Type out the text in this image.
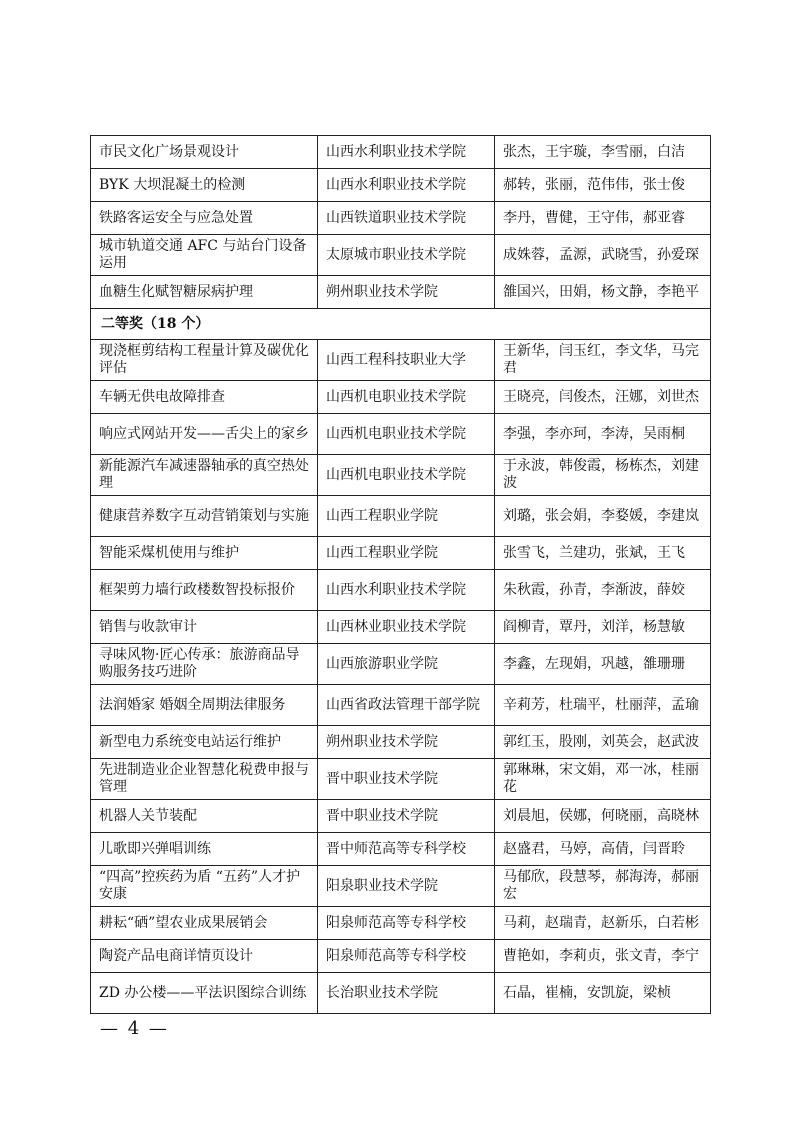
市民文化广场景观设计	山西水利职业技术学院	张杰，王宇璇，李雪丽，白洁
BYK 大坝混凝土的检测	山西水利职业技术学院	郝转，张丽，范伟伟，张士俊
铁路客运安全与应急处置	山西铁道职业技术学院	李丹，曹健，王守伟，郝亚睿
城市轨道交通 AFC 与站台门设备运用	太原城市职业技术学院	成姝蓉，孟源，武晓雪，孙爱琛
血糖生化赋智糖尿病护理	朔州职业技术学院	雒国兴，田娟，杨文静，李艳平
二等奖（18 个）		
现浇框剪结构工程量计算及碳优化评估	山西工程科技职业大学	王新华，闫玉红，李文华，马完君
车辆无供电故障排查	山西机电职业技术学院	王晓亮，闫俊杰，汪娜，刘世杰
响应式网站开发——舌尖上的家乡	山西机电职业技术学院	李强，李亦珂，李涛，吴雨桐
新能源汽车减速器轴承的真空热处理	山西机电职业技术学院	于永波，韩俊霞，杨栋杰，刘建波
健康营养数字互动营销策划与实施	山西工程职业学院	刘璐，张会娟，李婺媛，李建岚
智能采煤机使用与维护	山西工程职业学院	张雪飞，兰建功，张斌，王飞
框架剪力墙行政楼数智投标报价	山西水利职业技术学院	朱秋霞，孙青，李渐波，薛姣
销售与收款审计	山西林业职业技术学院	阎柳青，覃丹，刘洋，杨慧敏
寻味风物·匠心传承：旅游商品导购服务技巧进阶	山西旅游职业学院	李鑫，左现娟，巩越，雒珊珊
法润婚家 婚姻全周期法律服务	山西省政法管理干部学院	辛莉芳，杜瑞平，杜丽萍，孟瑜
新型电力系统变电站运行维护	朔州职业技术学院	郭红玉，股刚，刘英会，赵武波
先进制造业企业智慧化税费申报与管理	晋中职业技术学院	郭琳琳，宋文娟，邓一冰，桂丽花
机器人关节装配	晋中职业技术学院	刘晨旭，侯娜，何晓丽，高晓林
儿歌即兴弹唱训练	晋中师范高等专科学校	赵盛君，马婷，高倩，闫晋聆
“四高”控疾药为盾 “五药”人才护安康	阳泉职业技术学院	马郁欣，段慧琴，郝海涛，郝丽宏
耕耘“硒”望农业成果展销会	阳泉师范高等专科学校	马莉，赵瑞青，赵新乐，白若彬
陶瓷产品电商详情页设计	阳泉师范高等专科学校	曹艳如，李莉贞，张文青，李宁
ZD 办公楼——平法识图综合训练	长治职业技术学院	石晶，崔楠，安凯旋，梁桢
— 4 —
